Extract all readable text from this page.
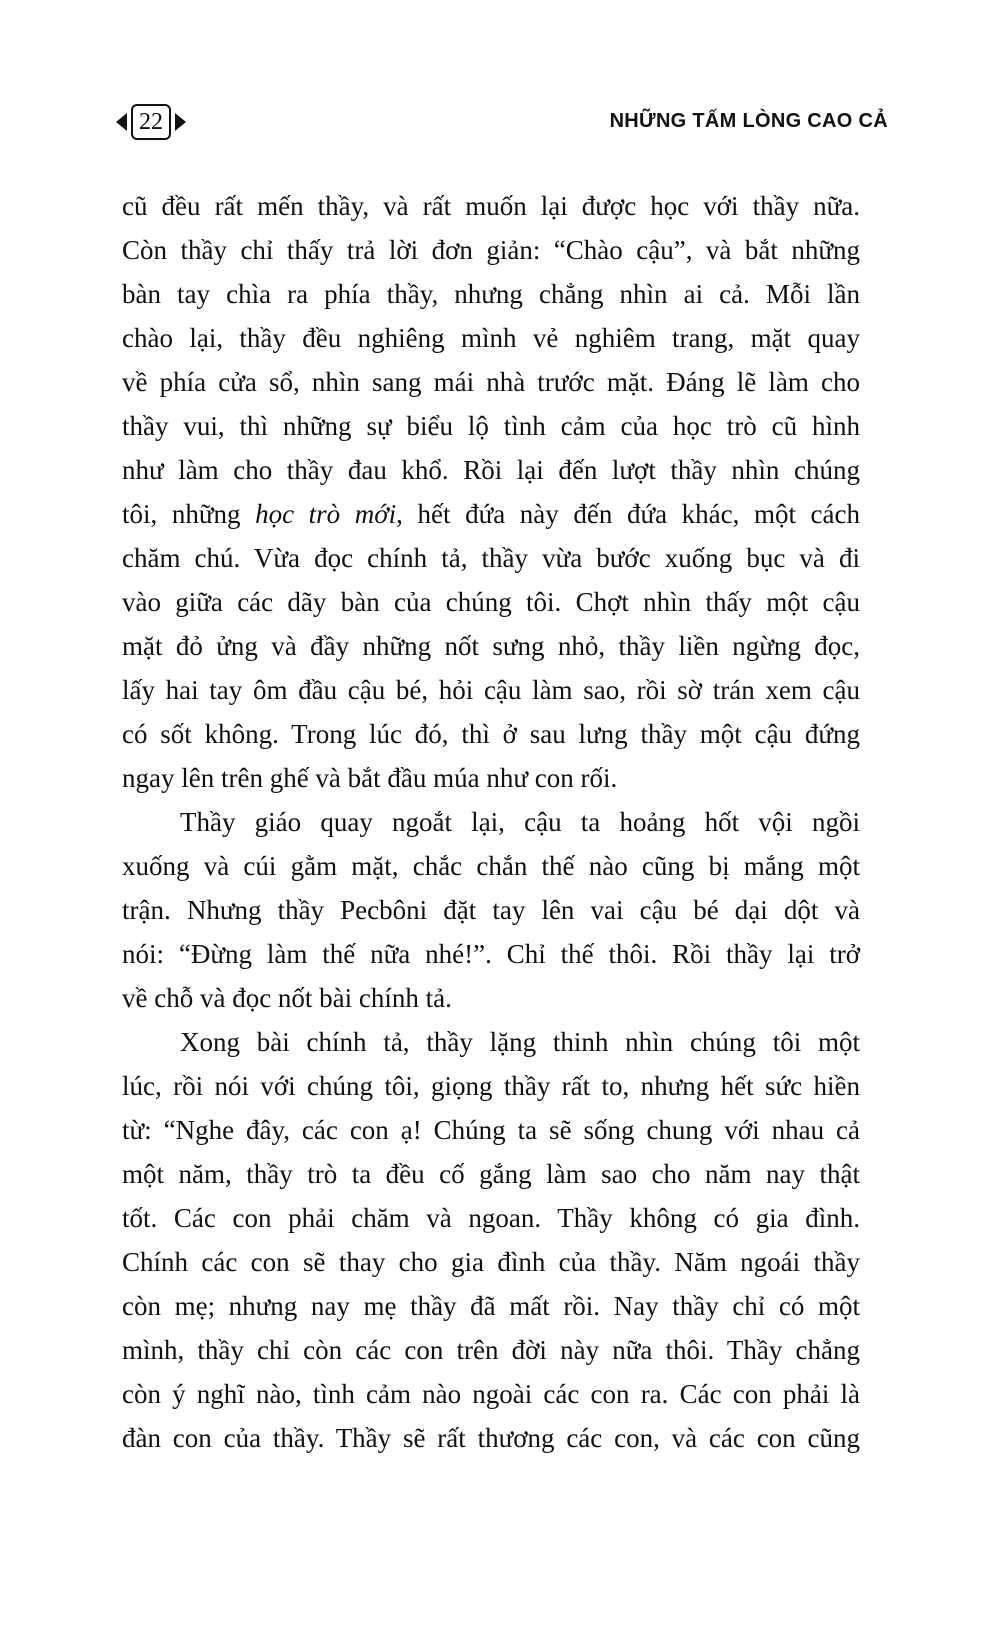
22	NHỮNG TẤM LÒNG CAO CẢ
cũ đều rất mến thầy, và rất muốn lại được học với thầy nữa.
Còn thầy chỉ thấy trả lời đơn giản: “Chào cậu”, và bắt những
bàn tay chìa ra phía thầy, nhưng chẳng nhìn ai cả. Mỗi lần
chào lại, thầy đều nghiêng mình vẻ nghiêm trang, mặt quay
về phía cửa sổ, nhìn sang mái nhà trước mặt. Đáng lẽ làm cho
thầy vui, thì những sự biểu lộ tình cảm của học trò cũ hình
như làm cho thầy đau khổ. Rồi lại đến lượt thầy nhìn chúng
tôi, những học trò mới, hết đứa này đến đứa khác, một cách
chăm chú. Vừa đọc chính tả, thầy vừa bước xuống bục và đi
vào giữa các dãy bàn của chúng tôi. Chợt nhìn thấy một cậu
mặt đỏ ửng và đầy những nốt sưng nhỏ, thầy liền ngừng đọc,
lấy hai tay ôm đầu cậu bé, hỏi cậu làm sao, rồi sờ trán xem cậu
có sốt không. Trong lúc đó, thì ở sau lưng thầy một cậu đứng
ngay lên trên ghế và bắt đầu múa như con rối.
Thầy giáo quay ngoắt lại, cậu ta hoảng hốt vội ngồi
xuống và cúi gằm mặt, chắc chắn thế nào cũng bị mắng một
trận. Nhưng thầy Pecbôni đặt tay lên vai cậu bé dại dột và
nói: “Đừng làm thế nữa nhé!”. Chỉ thế thôi. Rồi thầy lại trở
về chỗ và đọc nốt bài chính tả.
Xong bài chính tả, thầy lặng thinh nhìn chúng tôi một
lúc, rồi nói với chúng tôi, giọng thầy rất to, nhưng hết sức hiền
từ: “Nghe đây, các con ạ! Chúng ta sẽ sống chung với nhau cả
một năm, thầy trò ta đều cố gắng làm sao cho năm nay thật
tốt. Các con phải chăm và ngoan. Thầy không có gia đình.
Chính các con sẽ thay cho gia đình của thầy. Năm ngoái thầy
còn mẹ; nhưng nay mẹ thầy đã mất rồi. Nay thầy chỉ có một
mình, thầy chỉ còn các con trên đời này nữa thôi. Thầy chẳng
còn ý nghĩ nào, tình cảm nào ngoài các con ra. Các con phải là
đàn con của thầy. Thầy sẽ rất thương các con, và các con cũng
